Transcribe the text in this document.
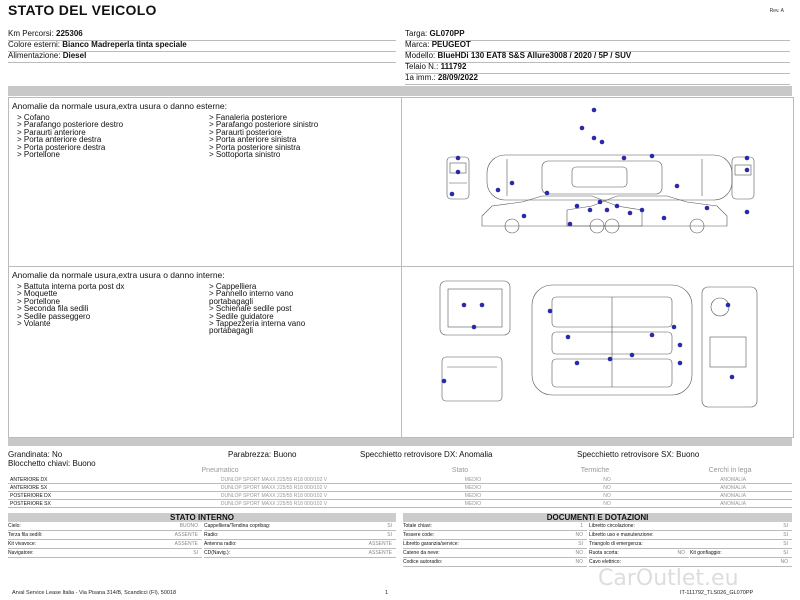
STATO DEL VEICOLO	Rev. A
Km Percorsi: 225306
Colore esterni: Bianco Madreperla tinta speciale
Alimentazione: Diesel
Targa: GL070PP
Marca: PEUGEOT
Modello: BlueHDi 130 EAT8 S&S Allure3008 / 2020 / 5P / SUV
Telaio N.: 111792
1a imm.: 28/09/2022
Anomalie da normale usura,extra usura o danno esterne:
> Cofano
> Parafango posteriore destro
> Paraurti anteriore
> Porta anteriore destra
> Porta posteriore destra
> Portellone
> Fanaleria posteriore
> Parafango posteriore sinistro
> Paraurti posteriore
> Porta anteriore sinistra
> Porta posteriore sinistra
> Sottoporta sinistro
Anomalie da normale usura,extra usura o danno interne:
> Battuta interna porta post dx
> Moquette
> Portellone
> Seconda fila sedili
> Sedile passeggero
> Volante
> Cappelliera
> Pannello interno vano
portabagagli
> Schienale sedile post
> Sedile guidatore
> Tappezzeria interna vano
portabagagli
Grandinata: No	Parabrezza: Buono	Specchietto retrovisore DX: Anomalia	Specchietto retrovisore SX: Buono
Blocchetto chiavi: Buono
Pneumatico	Stato	Termiche	Cerchi in lega
ANTERIORE DX	DUNLOP SPORT MAXX 225/55 R18 000/102 V	MEDIO	NO	ANOMALIA
ANTERIORE SX	DUNLOP SPORT MAXX 225/55 R18 000/102 V	MEDIO	NO	ANOMALIA
POSTERIORE DX	DUNLOP SPORT MAXX 225/55 R18 000/102 V	MEDIO	NO	ANOMALIA
POSTERIORE SX	DUNLOP SPORT MAXX 225/55 R18 000/102 V	MEDIO	NO	ANOMALIA
STATO INTERNO
Cielo:	BUONO
Terza fila sedili:	ASSENTE
Kit vivavoce:	ASSENTE
Navigatore:	SI
Cappelliera/Tendina copribag:	SI
Radio:	SI
Antenna radio:	ASSENTE
CD(Navig.):	ASSENTE
DOCUMENTI E DOTAZIONI
Totale chiavi:	1
Tessere code:	NO
Libretto garanzia/service:	SI
Catene da neve:	NO
Codice autoradio:	NO
Libretto circolazione:	SI
Libretto uso e manutenzione:	SI
Triangolo di emergenza:	SI
Ruota scorta:	NO Kit gonfiaggio:	SI
Cavo elettrico:	NO
CarOutlet.eu
Arval Service Lease Italia - Via Pisana 314/B, Scandicci (FI), 50018	1	IT-111792_TLS026_GL070PP
